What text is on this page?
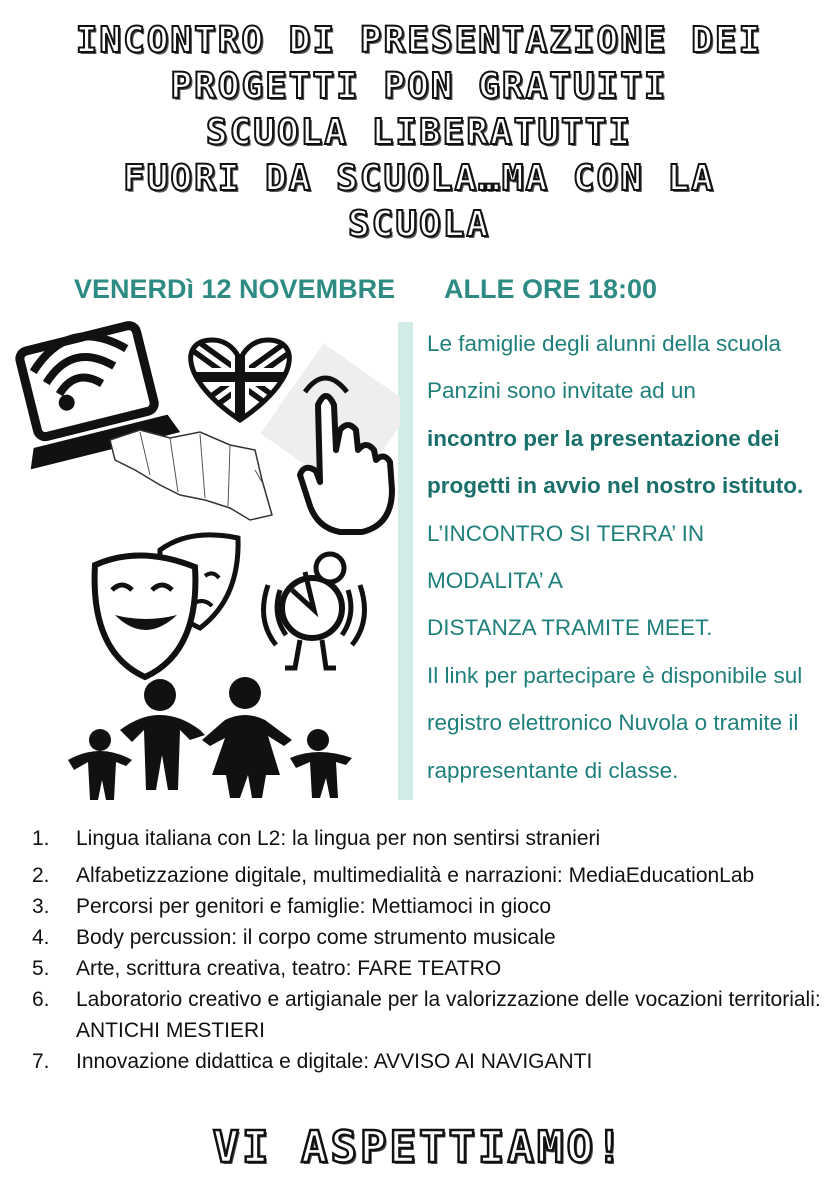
INCONTRO DI PRESENTAZIONE DEI
PROGETTI PON GRATUITI
SCUOLA LIBERATUTTI
FUORI DA SCUOLA…MA CON LA
SCUOLA
VENERDì 12 NOVEMBRE ALLE ORE 18:00

Le famiglie degli alunni della scuola

Panzini sono invitate ad un

incontro per la presentazione dei

progetti in avvio nel nostro istituto.

L’INCONTRO SI TERRA’ IN

MODALITA’ A

DISTANZA TRAMITE MEET.

Il link per partecipare è disponibile sul

registro elettronico Nuvola o tramite il

rappresentante di classe.

1. Lingua italiana con L2: la lingua per non sentirsi stranieri
2. Alfabetizzazione digitale, multimedialità e narrazioni: MediaEducationLab
3. Percorsi per genitori e famiglie: Mettiamoci in gioco
4. Body percussion: il corpo come strumento musicale
5. Arte, scrittura creativa, teatro: FARE TEATRO
6. Laboratorio creativo e artigianale per la valorizzazione delle vocazioni territoriali: ANTICHI MESTIERI
7. Innovazione didattica e digitale: AVVISO AI NAVIGANTI
VI ASPETTIAMO!
